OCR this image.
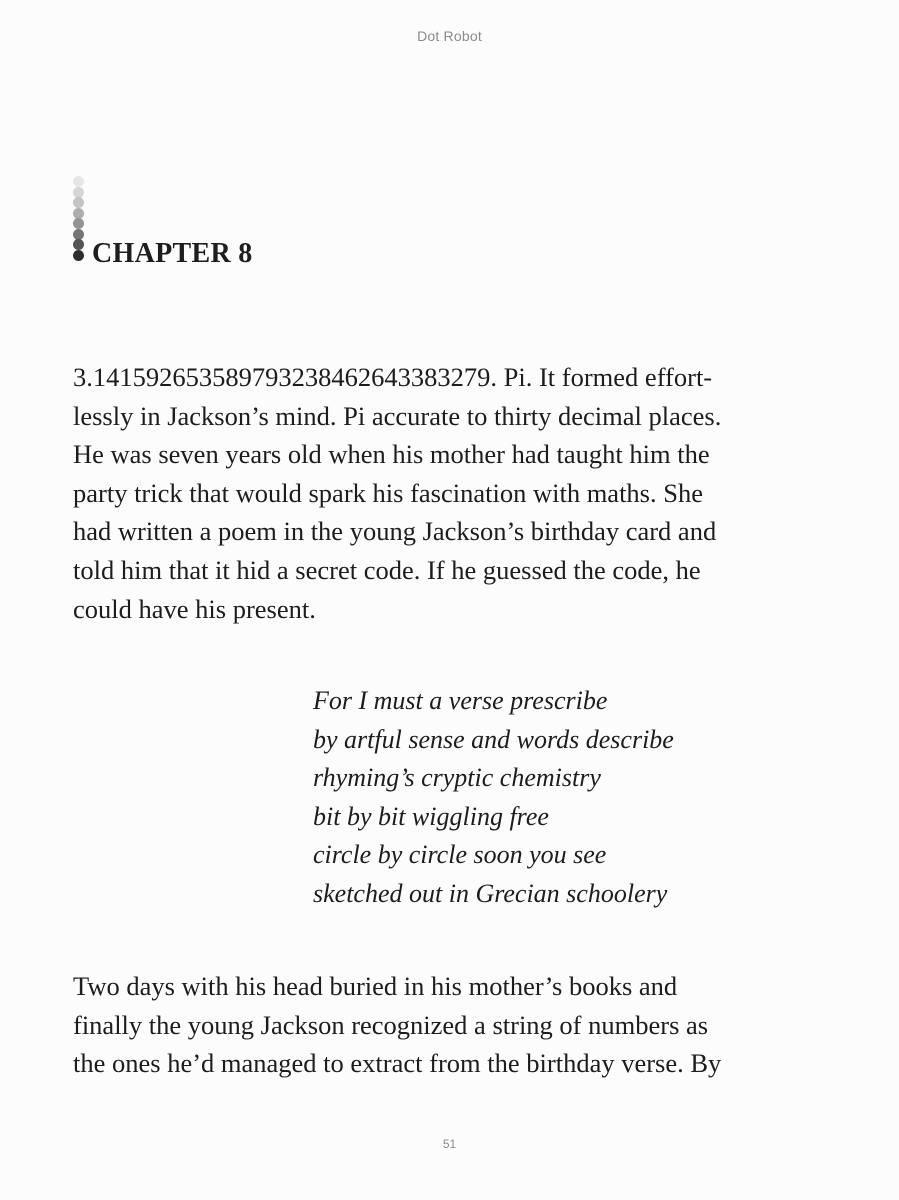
Dot Robot
CHAPTER 8

3.141592653589793238462643383279. Pi. It formed effort-
lessly in Jackson’s mind. Pi accurate to thirty decimal places.
He was seven years old when his mother had taught him the
party trick that would spark his fascination with maths. She
had written a poem in the young Jackson’s birthday card and
told him that it hid a secret code. If he guessed the code, he
could have his present.

For I must a verse prescribe
by artful sense and words describe
rhyming’s cryptic chemistry
bit by bit wiggling free
circle by circle soon you see
sketched out in Grecian schoolery

Two days with his head buried in his mother’s books and
finally the young Jackson recognized a string of numbers as
the ones he’d managed to extract from the birthday verse. By

51
